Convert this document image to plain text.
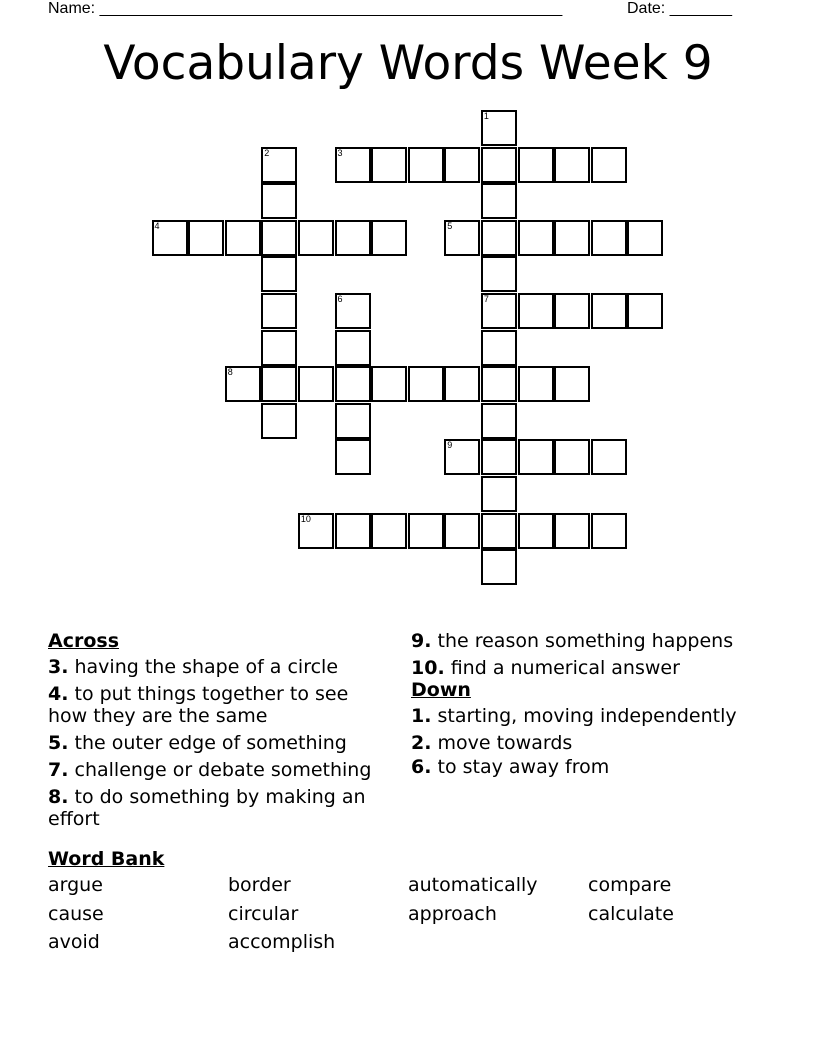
Name: ____________________________________________________	Date: _______
Vocabulary Words Week 9
1
7
2	3
4	5
6
8
9
10
Across
3. having the shape of a circle
4. to put things together to see how they are the same
5. the outer edge of something
7. challenge or debate something
8. to do something by making an effort
9. the reason something happens
10. find a numerical answer
Down
1. starting, moving independently
2. move towards
6. to stay away from
Word Bank
argue	border	automatically	compare
cause	circular	approach	calculate
avoid	accomplish
